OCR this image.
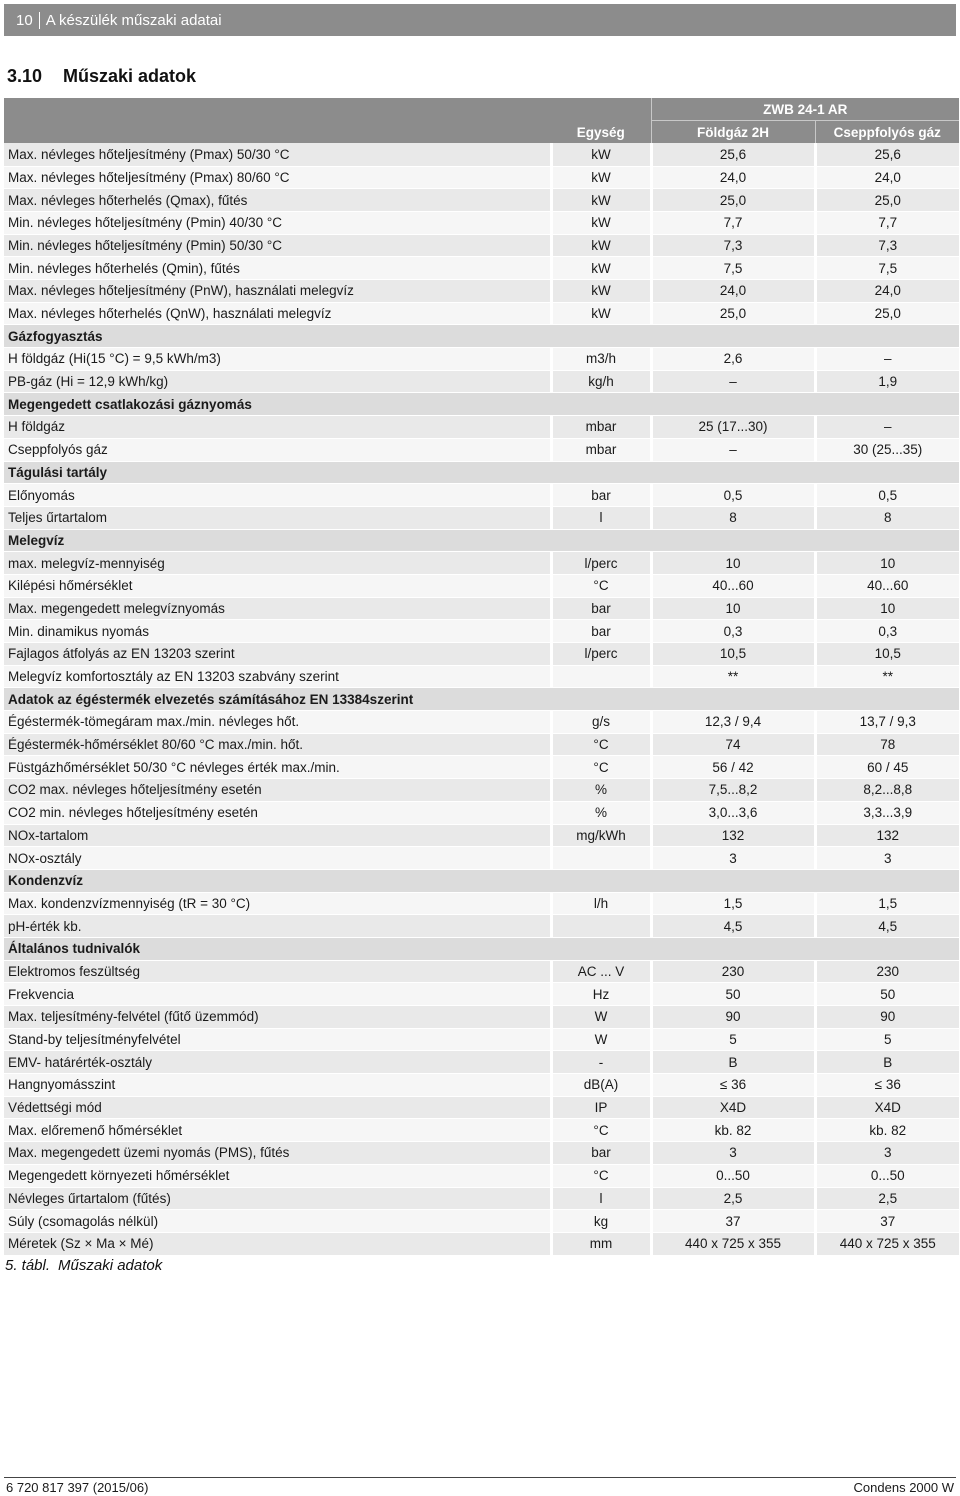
10 A készülék műszaki adatai
3.10 Műszaki adatok
		ZWB 24-1 AR	
	Egység	Földgáz 2H	Cseppfolyós gáz
Max. névleges hőteljesítmény (Pmax) 50/30 °C	kW	25,6	25,6
Max. névleges hőteljesítmény (Pmax) 80/60 °C	kW	24,0	24,0
Max. névleges hőterhelés (Qmax), fűtés	kW	25,0	25,0
Min. névleges hőteljesítmény (Pmin) 40/30 °C	kW	7,7	7,7
Min. névleges hőteljesítmény (Pmin) 50/30 °C	kW	7,3	7,3
Min. névleges hőterhelés (Qmin), fűtés	kW	7,5	7,5
Max. névleges hőteljesítmény (PnW), használati melegvíz	kW	24,0	24,0
Max. névleges hőterhelés (QnW), használati melegvíz	kW	25,0	25,0
Gázfogyasztás			
H földgáz (Hi(15 °C) = 9,5 kWh/m3)	m3/h	2,6	–
PB-gáz (Hi = 12,9 kWh/kg)	kg/h	–	1,9
Megengedett csatlakozási gáznyomás			
H földgáz	mbar	25 (17...30)	–
Cseppfolyós gáz	mbar	–	30 (25...35)
Tágulási tartály			
Előnyomás	bar	0,5	0,5
Teljes űrtartalom	l	8	8
Melegvíz			
max. melegvíz-mennyiség	l/perc	10	10
Kilépési hőmérséklet	°C	40...60	40...60
Max. megengedett melegvíznyomás	bar	10	10
Min. dinamikus nyomás	bar	0,3	0,3
Fajlagos átfolyás az EN 13203 szerint	l/perc	10,5	10,5
Melegvíz komfortosztály az EN 13203 szabvány szerint		**	**
Adatok az égéstermék elvezetés számításához EN 13384szerint			
Égéstermék-tömegáram max./min. névleges hőt.	g/s	12,3 / 9,4	13,7 / 9,3
Égéstermék-hőmérséklet 80/60 °C max./min. hőt.	°C	74	78
Füstgázhőmérséklet 50/30 °C névleges érték max./min.	°C	56 / 42	60 / 45
CO2 max. névleges hőteljesítmény esetén	%	7,5...8,2	8,2...8,8
CO2 min. névleges hőteljesítmény esetén	%	3,0...3,6	3,3...3,9
NOx-tartalom	mg/kWh	132	132
NOx-osztály		3	3
Kondenzvíz			
Max. kondenzvízmennyiség (tR = 30 °C)	l/h	1,5	1,5
pH-érték kb.		4,5	4,5
Általános tudnivalók			
Elektromos feszültség	AC ... V	230	230
Frekvencia	Hz	50	50
Max. teljesítmény-felvétel (fűtő üzemmód)	W	90	90
Stand-by teljesítményfelvétel	W	5	5
EMV- határérték-osztály	-	B	B
Hangnyomásszint	dB(A)	≤ 36	≤ 36
Védettségi mód	IP	X4D	X4D
Max. előremenő hőmérséklet	°C	kb. 82	kb. 82
Max. megengedett üzemi nyomás (PMS), fűtés	bar	3	3
Megengedett környezeti hőmérséklet	°C	0...50	0...50
Névleges űrtartalom (fűtés)	l	2,5	2,5
Súly (csomagolás nélkül)	kg	37	37
Méretek (Sz × Ma × Mé)	mm	440 x 725 x 355	440 x 725 x 355
5. tábl. Műszaki adatok
6 720 817 397 (2015/06)	Condens 2000 W
